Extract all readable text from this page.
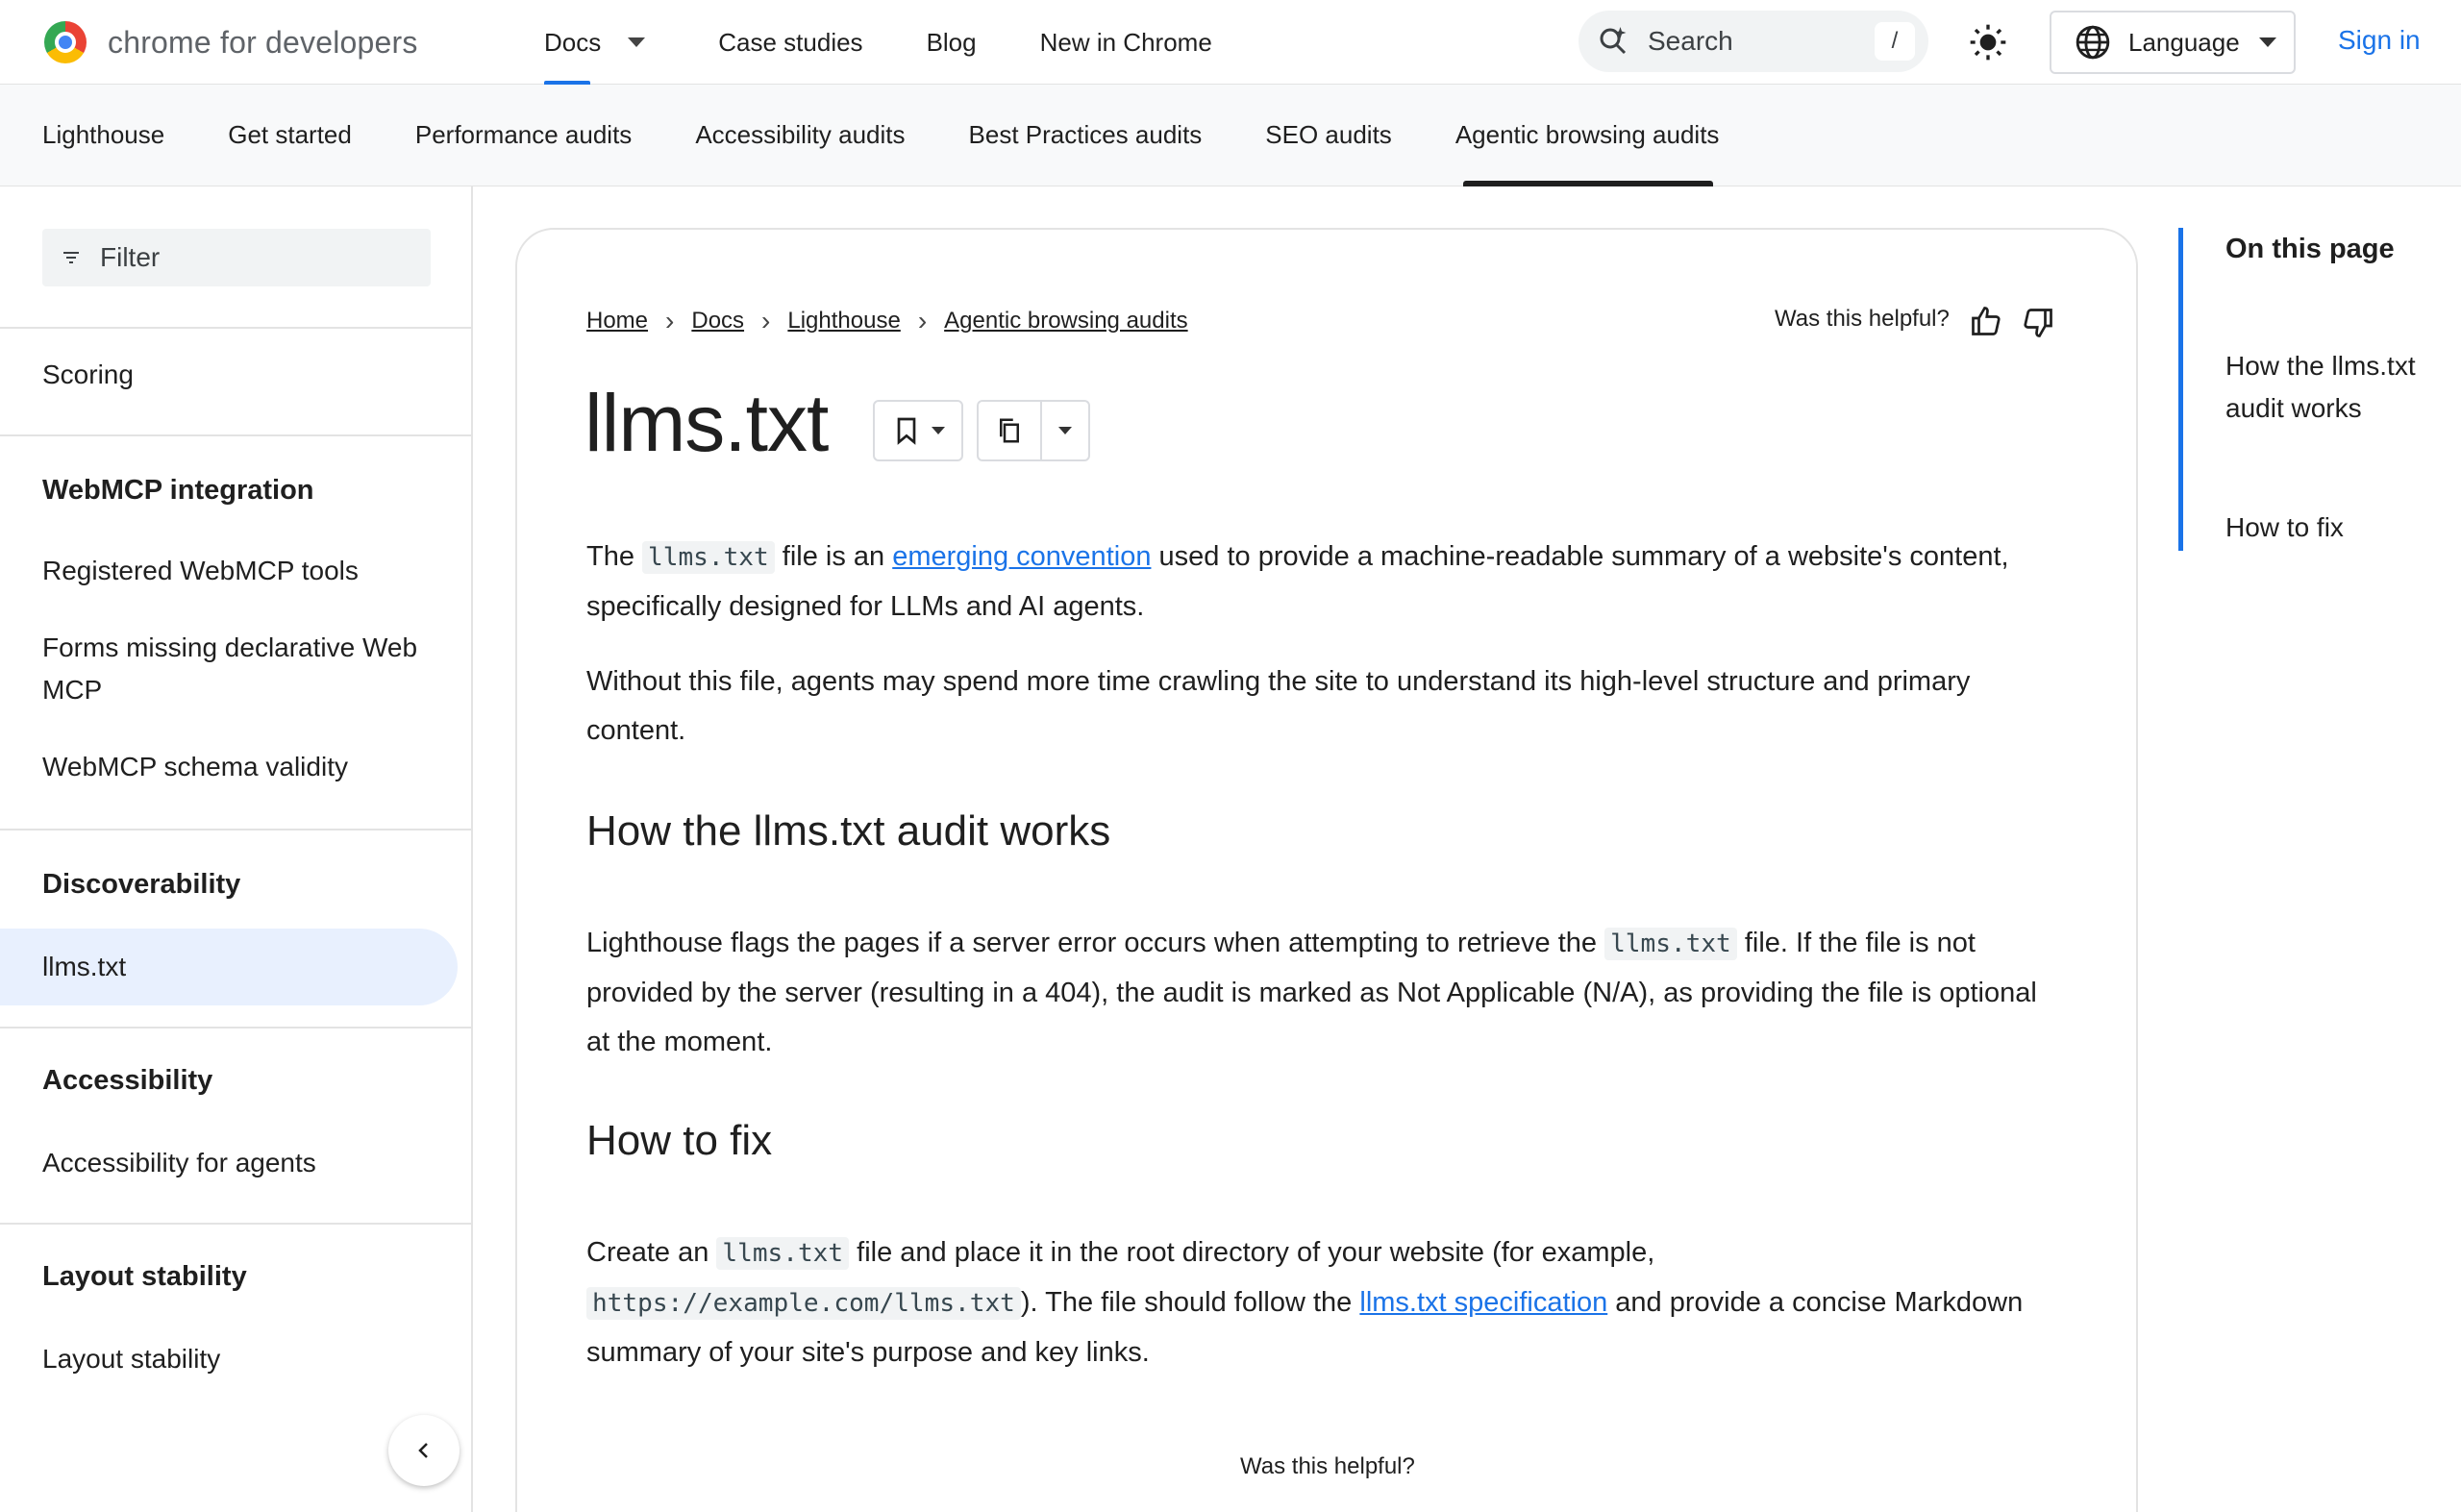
chrome for developers	Docs	Case studies	Blog	New in Chrome	Search	/	Language	Sign in
Lighthouse	Get started	Performance audits	Accessibility audits	Best Practices audits	SEO audits	Agentic browsing audits
Filter
Scoring
WebMCP integration
Registered WebMCP tools
Forms missing declarative Web MCP
WebMCP schema validity
Discoverability
llms.txt
Accessibility
Accessibility for agents
Layout stability
Layout stability
Home › Docs › Lighthouse › Agentic browsing audits	Was this helpful?
llms.txt

The llms.txt file is an emerging convention used to provide a machine-readable summary of a website's content, specifically designed for LLMs and AI agents.

Without this file, agents may spend more time crawling the site to understand its high-level structure and primary content.

How the llms.txt audit works

Lighthouse flags the pages if a server error occurs when attempting to retrieve the llms.txt file. If the file is not provided by the server (resulting in a 404), the audit is marked as Not Applicable (N/A), as providing the file is optional at the moment.

How to fix

Create an llms.txt file and place it in the root directory of your website (for example, https://example.com/llms.txt ). The file should follow the llms.txt specification and provide a concise Markdown summary of your site's purpose and key links.

Was this helpful?
On this page
How the llms.txt audit works
How to fix
